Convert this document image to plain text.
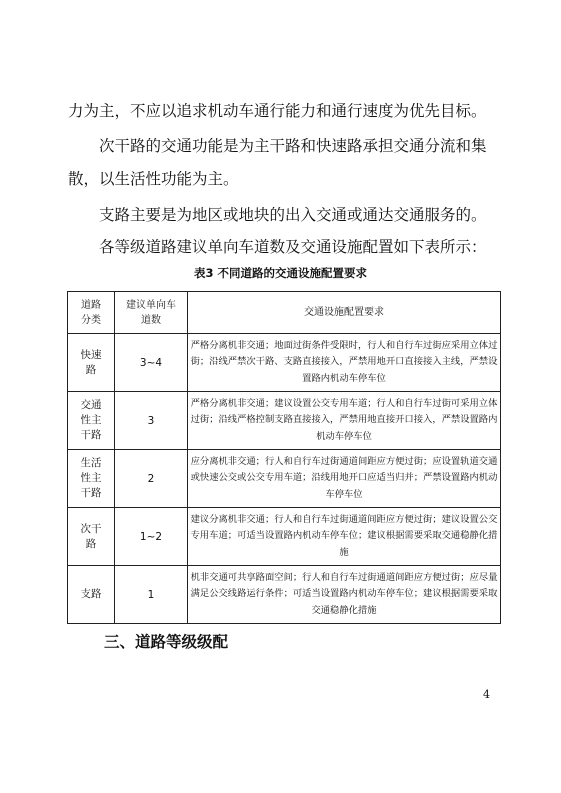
力为主，不应以追求机动车通行能力和通行速度为优先目标。

次干路的交通功能是为主干路和快速路承担交通分流和集散，以生活性功能为主。

支路主要是为地区或地块的出入交通或通达交通服务的。

各等级道路建议单向车道数及交通设施配置如下表所示：

表3 不同道路的交通设施配置要求
道路分类	建议单向车道数	交通设施配置要求

快速路	3~4	严格分离机非交通；地面过街条件受限时，行人和自行车过街应采用立体过街；沿线严禁次干路、支路直接接入，严禁用地开口直接接入主线，严禁设置路内机动车停车位

交通性主干路	3	严格分离机非交通；建议设置公交专用车道；行人和自行车过街可采用立体过街；沿线严格控制支路直接接入，严禁用地直接开口接入，严禁设置路内机动车停车位

生活性主干路	2	应分离机非交通；行人和自行车过街通道间距应方便过街；应设置轨道交通或快速公交或公交专用车道；沿线用地开口应适当归并；严禁设置路内机动车停车位

次干路	1~2	建议分离机非交通；行人和自行车过街通道间距应方便过街；建议设置公交专用车道；可适当设置路内机动车停车位；建议根据需要采取交通稳静化措施
支路	1	机非交通可共享路面空间；行人和自行车过街通道间距应方便过街；应尽量满足公交线路运行条件；可适当设置路内机动车停车位；建议根据需要采取交通稳静化措施
三、道路等级级配
4
